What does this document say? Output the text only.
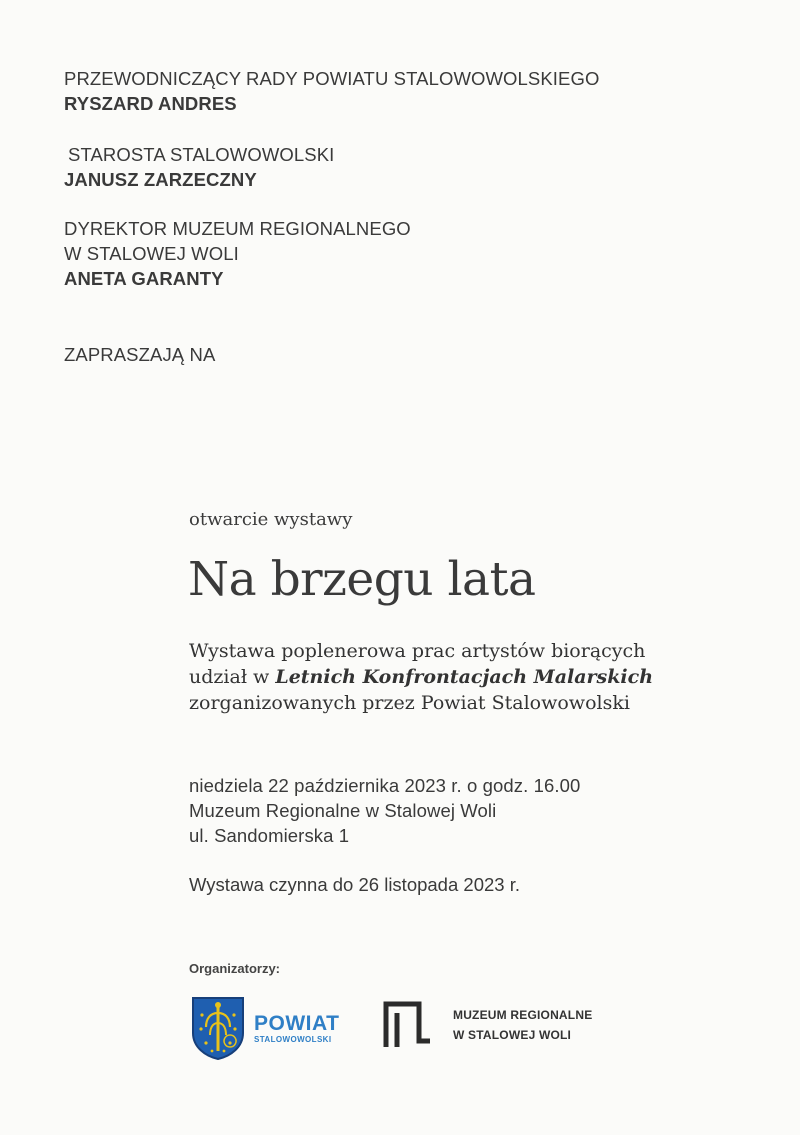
PRZEWODNICZĄCY RADY POWIATU STALOWOWOLSKIEGO
RYSZARD ANDRES
STAROSTA STALOWOWOLSKI
JANUSZ ZARZECZNY
DYREKTOR MUZEUM REGIONALNEGO
W STALOWEJ WOLI
ANETA GARANTY
ZAPRASZAJĄ NA
otwarcie wystawy
Na brzegu lata
Wystawa poplenerowa prac artystów biorących
udział w Letnich Konfrontacjach Malarskich
zorganizowanych przez Powiat Stalowowolski
niedziela 22 października 2023 r. o godz. 16.00
Muzeum Regionalne w Stalowej Woli
ul. Sandomierska 1
Wystawa czynna do 26 listopada 2023 r.
Organizatorzy:
POWIAT
STALOWOWOLSKI
MUZEUM REGIONALNE
W STALOWEJ WOLI
